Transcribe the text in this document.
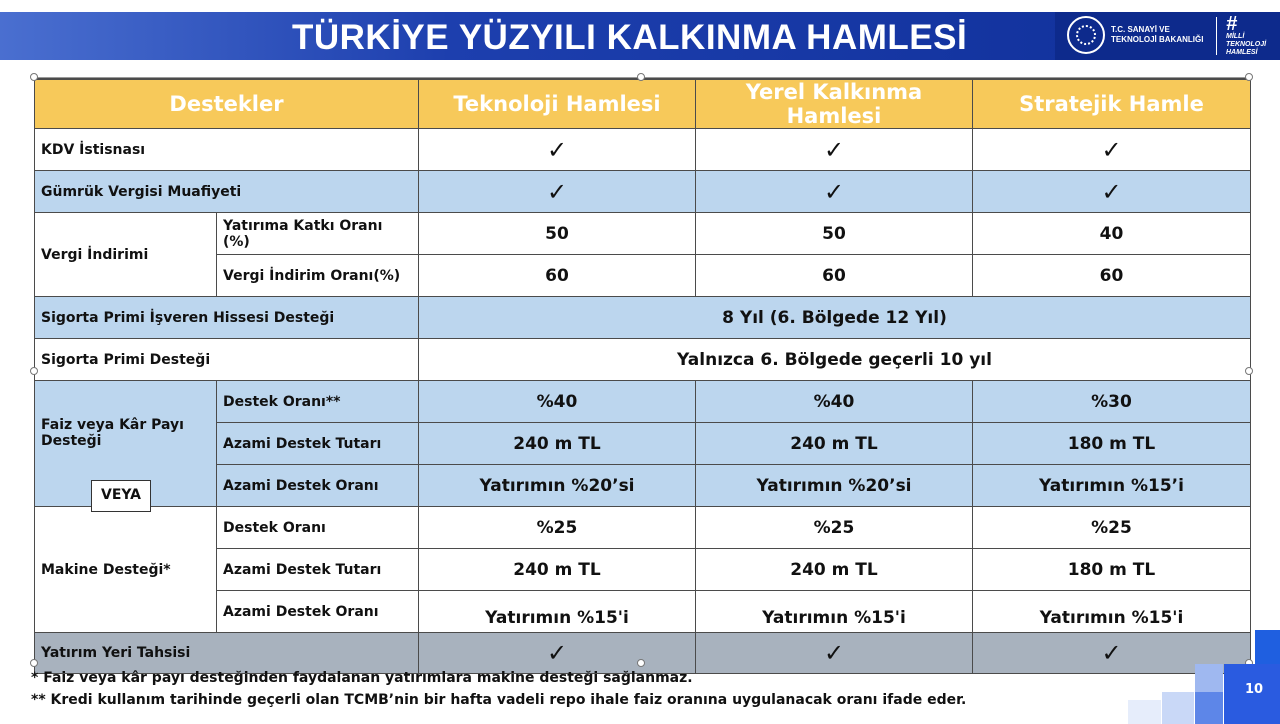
TÜRKİYE YÜZYILI KALKINMA HAMLESİ	T.C. SANAYİ VE
TEKNOLOJİ BAKANLIĞI
#
MİLLİ
TEKNOLOJİ
HAMLESİ
Destekler		Teknoloji Hamlesi	Yerel Kalkınma Hamlesi	Stratejik Hamle
KDV İstisnası		✓	✓	✓
Gümrük Vergisi Muafiyeti		✓	✓	✓
Vergi İndirimi	Yatırıma Katkı Oranı (%)	50	50	40
	Vergi İndirim Oranı(%)	60	60	60
Sigorta Primi İşveren Hissesi Desteği		8 Yıl (6. Bölgede 12 Yıl)		
Sigorta Primi Desteği		Yalnızca 6. Bölgede geçerli 10 yıl		

Faiz veya Kâr Payı Desteği	Destek Oranı**	%40	%40	%30
	Azami Destek Tutarı	240 m TL	240 m TL	180 m TL
	Azami Destek Oranı	Yatırımın %20’si	Yatırımın %20’si	Yatırımın %15’i
Makine Desteği*	Destek Oranı	%25	%25	%25
	Azami Destek Tutarı	240 m TL	240 m TL	180 m TL
	Azami Destek Oranı	Yatırımın %15'i	Yatırımın %15'i	Yatırımın %15'i
Yatırım Yeri Tahsisi		✓	✓	✓
VEYA
* Faiz veya kâr payı desteğinden faydalanan yatırımlara makine desteği sağlanmaz.
** Kredi kullanım tarihinde geçerli olan TCMB’nin bir hafta vadeli repo ihale faiz oranına uygulanacak oranı ifade eder.
10
